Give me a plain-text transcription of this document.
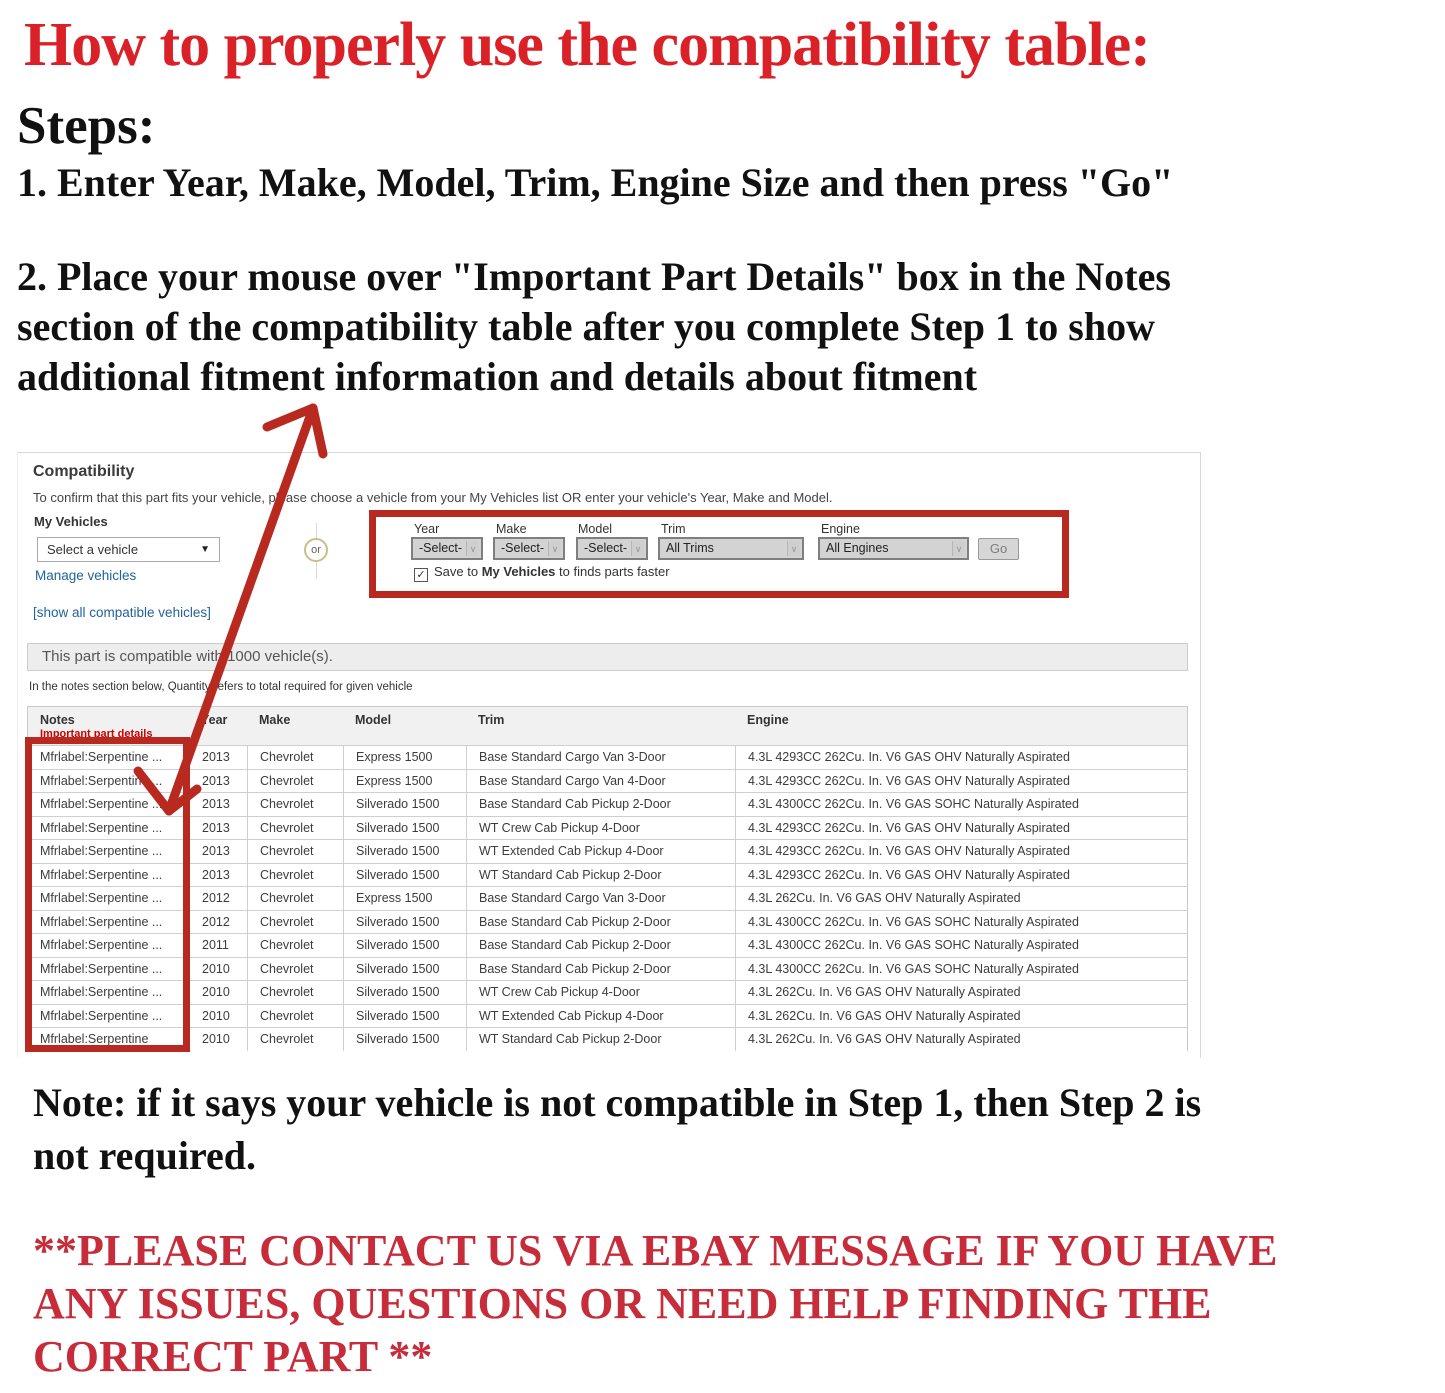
How to properly use the compatibility table:
Steps:
1. Enter Year, Make, Model, Trim, Engine Size and then press "Go"
2. Place your mouse over "Important Part Details" box in the Notes
section of the compatibility table after you complete Step 1 to show
additional fitment information and details about fitment
Compatibility
To confirm that this part fits your vehicle, please choose a vehicle from your My Vehicles list OR enter your vehicle's Year, Make and Model.
My Vehicles
Select a vehicle	▼
Manage vehicles
[show all compatible vehicles]
or
Year	Make	Model	Trim	Engine
-Select- ∨	-Select- ∨	-Select- ∨	All Trims	∨	All Engines	∨	Go
✓ Save to My Vehicles to finds parts faster
This part is compatible with 1000 vehicle(s).
In the notes section below, Quantity refers to total required for given vehicle
Notes
Important part details
Year	Make	Model	Trim	Engine
Mfrlabel:Serpentine ...	2013	Chevrolet	Express 1500	Base Standard Cargo Van 3-Door	4.3L 4293CC 262Cu. In. V6 GAS OHV Naturally Aspirated
Mfrlabel:Serpentine ...	2013	Chevrolet	Express 1500	Base Standard Cargo Van 4-Door	4.3L 4293CC 262Cu. In. V6 GAS OHV Naturally Aspirated
Mfrlabel:Serpentine ...	2013	Chevrolet	Silverado 1500	Base Standard Cab Pickup 2-Door	4.3L 4300CC 262Cu. In. V6 GAS SOHC Naturally Aspirated
Mfrlabel:Serpentine ...	2013	Chevrolet	Silverado 1500	WT Crew Cab Pickup 4-Door	4.3L 4293CC 262Cu. In. V6 GAS OHV Naturally Aspirated
Mfrlabel:Serpentine ...	2013	Chevrolet	Silverado 1500	WT Extended Cab Pickup 4-Door	4.3L 4293CC 262Cu. In. V6 GAS OHV Naturally Aspirated
Mfrlabel:Serpentine ...	2013	Chevrolet	Silverado 1500	WT Standard Cab Pickup 2-Door	4.3L 4293CC 262Cu. In. V6 GAS OHV Naturally Aspirated
Mfrlabel:Serpentine ...	2012	Chevrolet	Express 1500	Base Standard Cargo Van 3-Door	4.3L 262Cu. In. V6 GAS OHV Naturally Aspirated
Mfrlabel:Serpentine ...	2012	Chevrolet	Silverado 1500	Base Standard Cab Pickup 2-Door	4.3L 4300CC 262Cu. In. V6 GAS SOHC Naturally Aspirated
Mfrlabel:Serpentine ...	2011	Chevrolet	Silverado 1500	Base Standard Cab Pickup 2-Door	4.3L 4300CC 262Cu. In. V6 GAS SOHC Naturally Aspirated
Mfrlabel:Serpentine ...	2010	Chevrolet	Silverado 1500	Base Standard Cab Pickup 2-Door	4.3L 4300CC 262Cu. In. V6 GAS SOHC Naturally Aspirated
Mfrlabel:Serpentine ...	2010	Chevrolet	Silverado 1500	WT Crew Cab Pickup 4-Door	4.3L 262Cu. In. V6 GAS OHV Naturally Aspirated
Mfrlabel:Serpentine ...	2010	Chevrolet	Silverado 1500	WT Extended Cab Pickup 4-Door	4.3L 262Cu. In. V6 GAS OHV Naturally Aspirated
Mfrlabel:Serpentine	2010	Chevrolet	Silverado 1500	WT Standard Cab Pickup 2-Door	4.3L 262Cu. In. V6 GAS OHV Naturally Aspirated
Note: if it says your vehicle is not compatible in Step 1, then Step 2 is
not required.
**PLEASE CONTACT US VIA EBAY MESSAGE IF YOU HAVE
ANY ISSUES, QUESTIONS OR NEED HELP FINDING THE
CORRECT PART **
